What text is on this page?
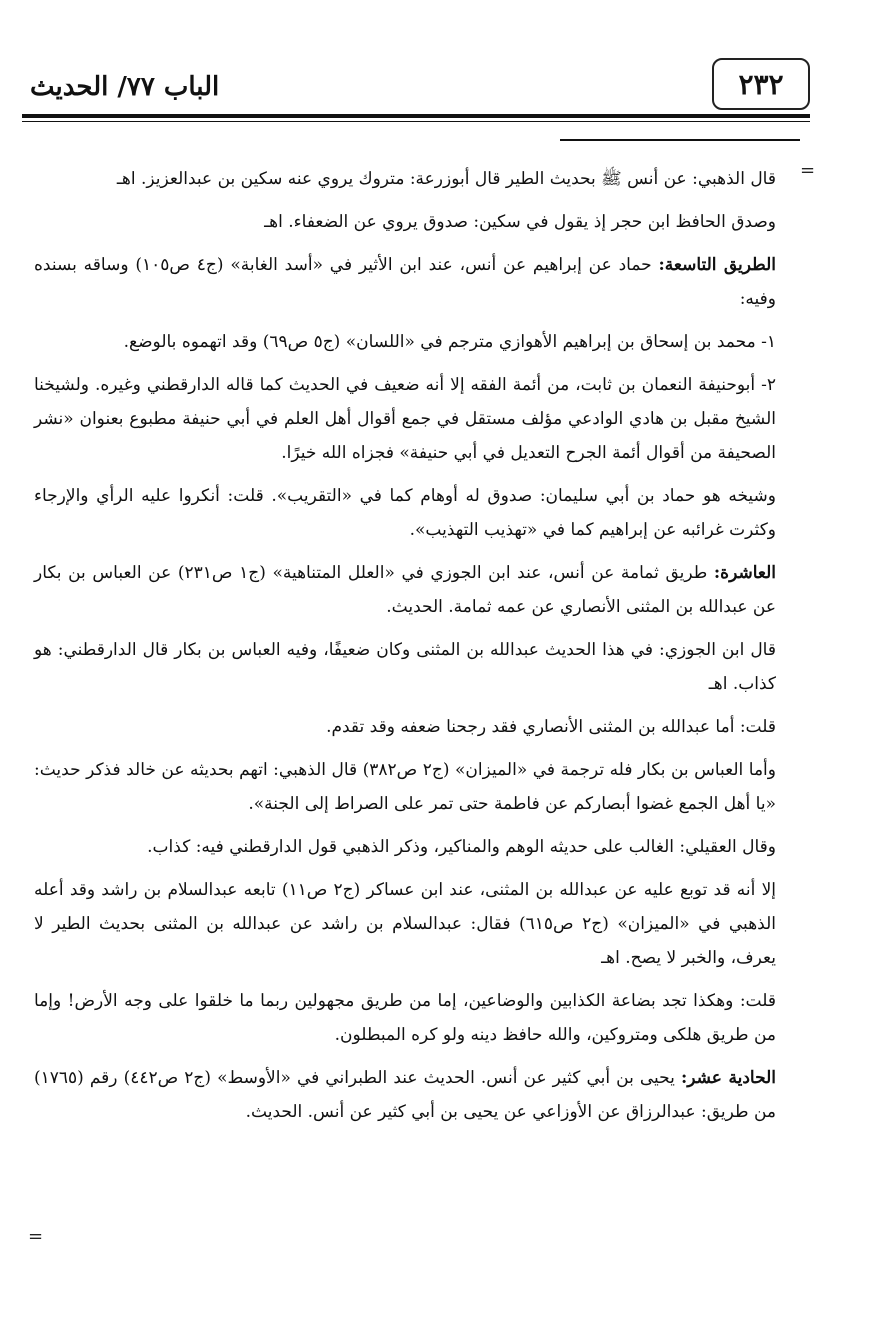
الباب ٧٧/ الحديث	٢٣٢
=
=

قال الذهبي: عن أنس ﷺ بحديث الطير قال أبوزرعة: متروك يروي عنه سكين بن عبدالعزيز. اهـ

وصدق الحافظ ابن حجر إذ يقول في سكين: صدوق يروي عن الضعفاء. اهـ

الطريق التاسعة: حماد عن إبراهيم عن أنس، عند ابن الأثير في «أسد الغابة» (ج٤ ص١٠٥) وساقه بسنده وفيه:

١- محمد بن إسحاق بن إبراهيم الأهوازي مترجم في «اللسان» (ج٥ ص٦٩) وقد اتهموه بالوضع.

٢- أبوحنيفة النعمان بن ثابت، من أئمة الفقه إلا أنه ضعيف في الحديث كما قاله الدارقطني وغيره. ولشيخنا الشيخ مقبل بن هادي الوادعي مؤلف مستقل في جمع أقوال أهل العلم في أبي حنيفة مطبوع بعنوان «نشر الصحيفة من أقوال أئمة الجرح التعديل في أبي حنيفة» فجزاه الله خيرًا.

وشيخه هو حماد بن أبي سليمان: صدوق له أوهام كما في «التقريب». قلت: أنكروا عليه الرأي والإرجاء وكثرت غرائبه عن إبراهيم كما في «تهذيب التهذيب».

العاشرة: طريق ثمامة عن أنس، عند ابن الجوزي في «العلل المتناهية» (ج١ ص٢٣١) عن العباس بن بكار عن عبدالله بن المثنى الأنصاري عن عمه ثمامة. الحديث.

قال ابن الجوزي: في هذا الحديث عبدالله بن المثنى وكان ضعيفًا، وفيه العباس بن بكار قال الدارقطني: هو كذاب. اهـ

قلت: أما عبدالله بن المثنى الأنصاري فقد رجحنا ضعفه وقد تقدم.

وأما العباس بن بكار فله ترجمة في «الميزان» (ج٢ ص٣٨٢) قال الذهبي: اتهم بحديثه عن خالد فذكر حديث: «يا أهل الجمع غضوا أبصاركم عن فاطمة حتى تمر على الصراط إلى الجنة».

وقال العقيلي: الغالب على حديثه الوهم والمناكير، وذكر الذهبي قول الدارقطني فيه: كذاب.

إلا أنه قد توبع عليه عن عبدالله بن المثنى، عند ابن عساكر (ج٢ ص١١) تابعه عبدالسلام بن راشد وقد أعله الذهبي في «الميزان» (ج٢ ص٦١٥) فقال: عبدالسلام بن راشد عن عبدالله بن المثنى بحديث الطير لا يعرف، والخبر لا يصح. اهـ

قلت: وهكذا تجد بضاعة الكذابين والوضاعين، إما من طريق مجهولين ربما ما خلقوا على وجه الأرض! وإما من طريق هلكى ومتروكين، والله حافظ دينه ولو كره المبطلون.

الحادية عشر: يحيى بن أبي كثير عن أنس. الحديث عند الطبراني في «الأوسط» (ج٢ ص٤٤٢) رقم (١٧٦٥) من طريق: عبدالرزاق عن الأوزاعي عن يحيى بن أبي كثير عن أنس. الحديث.
